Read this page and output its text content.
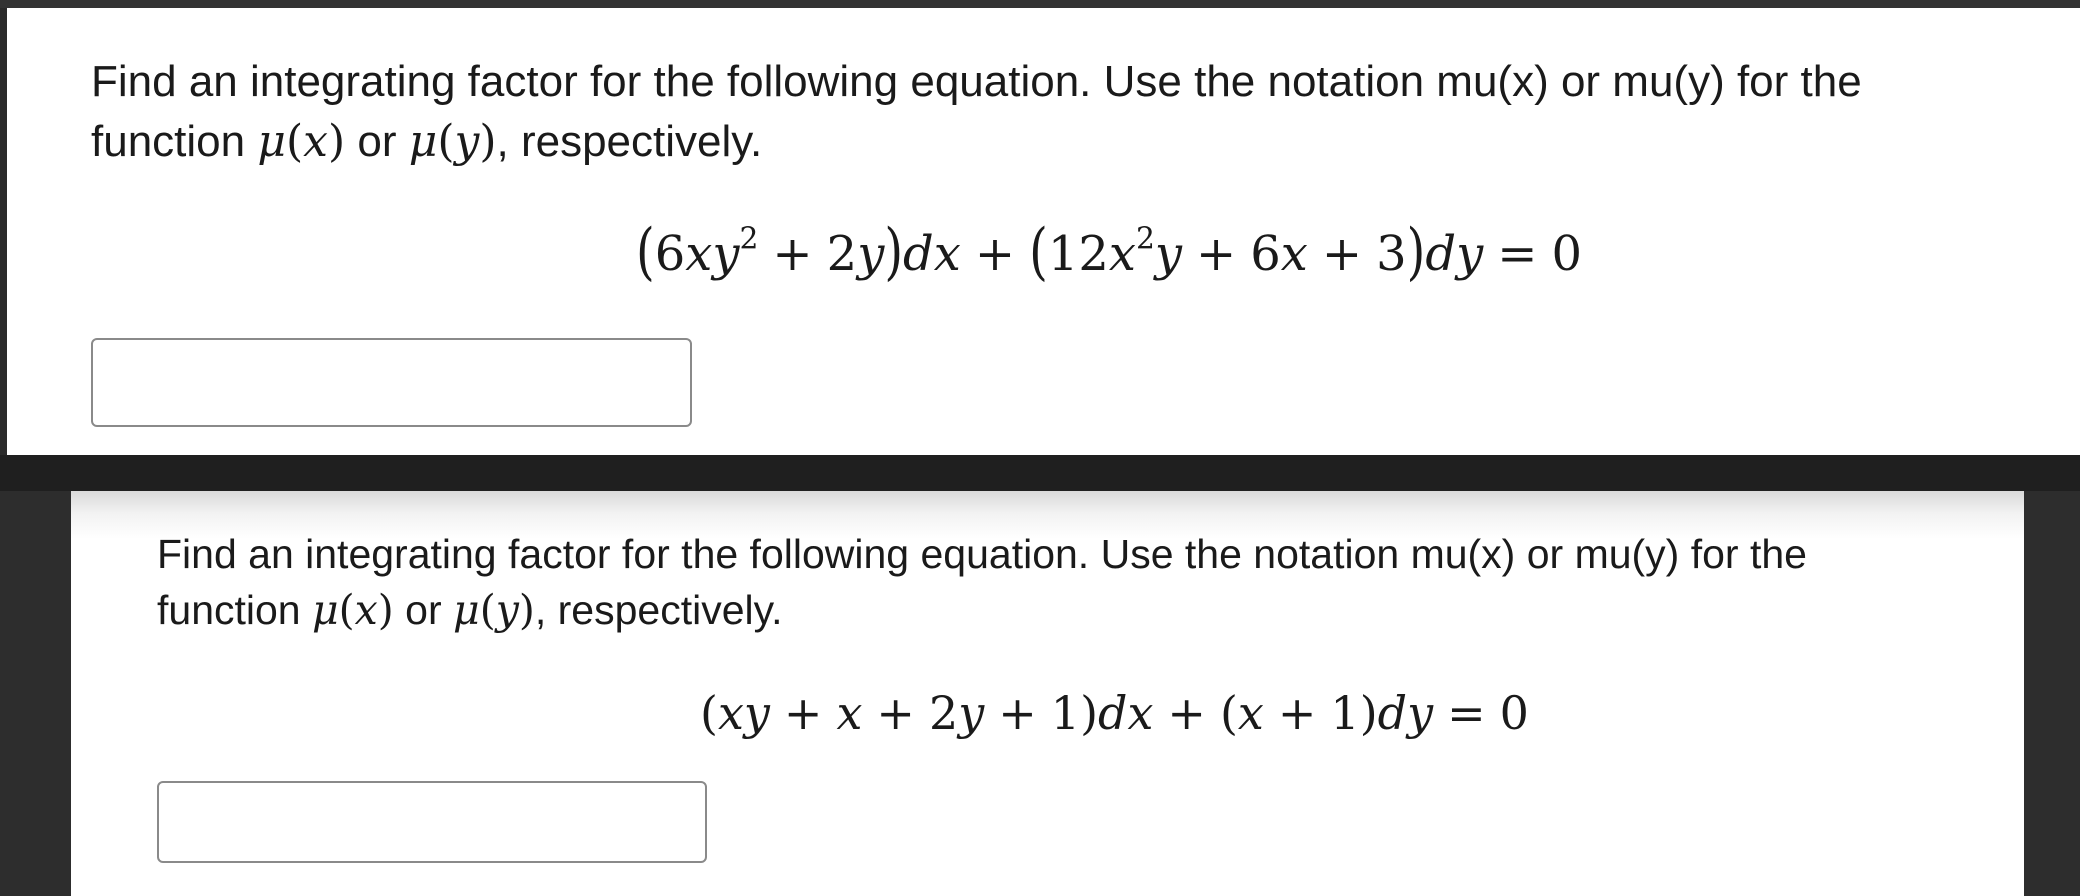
Find an integrating factor for the following equation. Use the notation mu(x) or mu(y) for the
function μ(x) or μ(y), respectively.

$(6xy^2 + 2y)dx + (12x^2y + 6x + 3)dy = 0$

Find an integrating factor for the following equation. Use the notation mu(x) or mu(y) for the
function μ(x) or μ(y), respectively.

(xy + x + 2y + 1)dx + (x + 1)dy = 0
